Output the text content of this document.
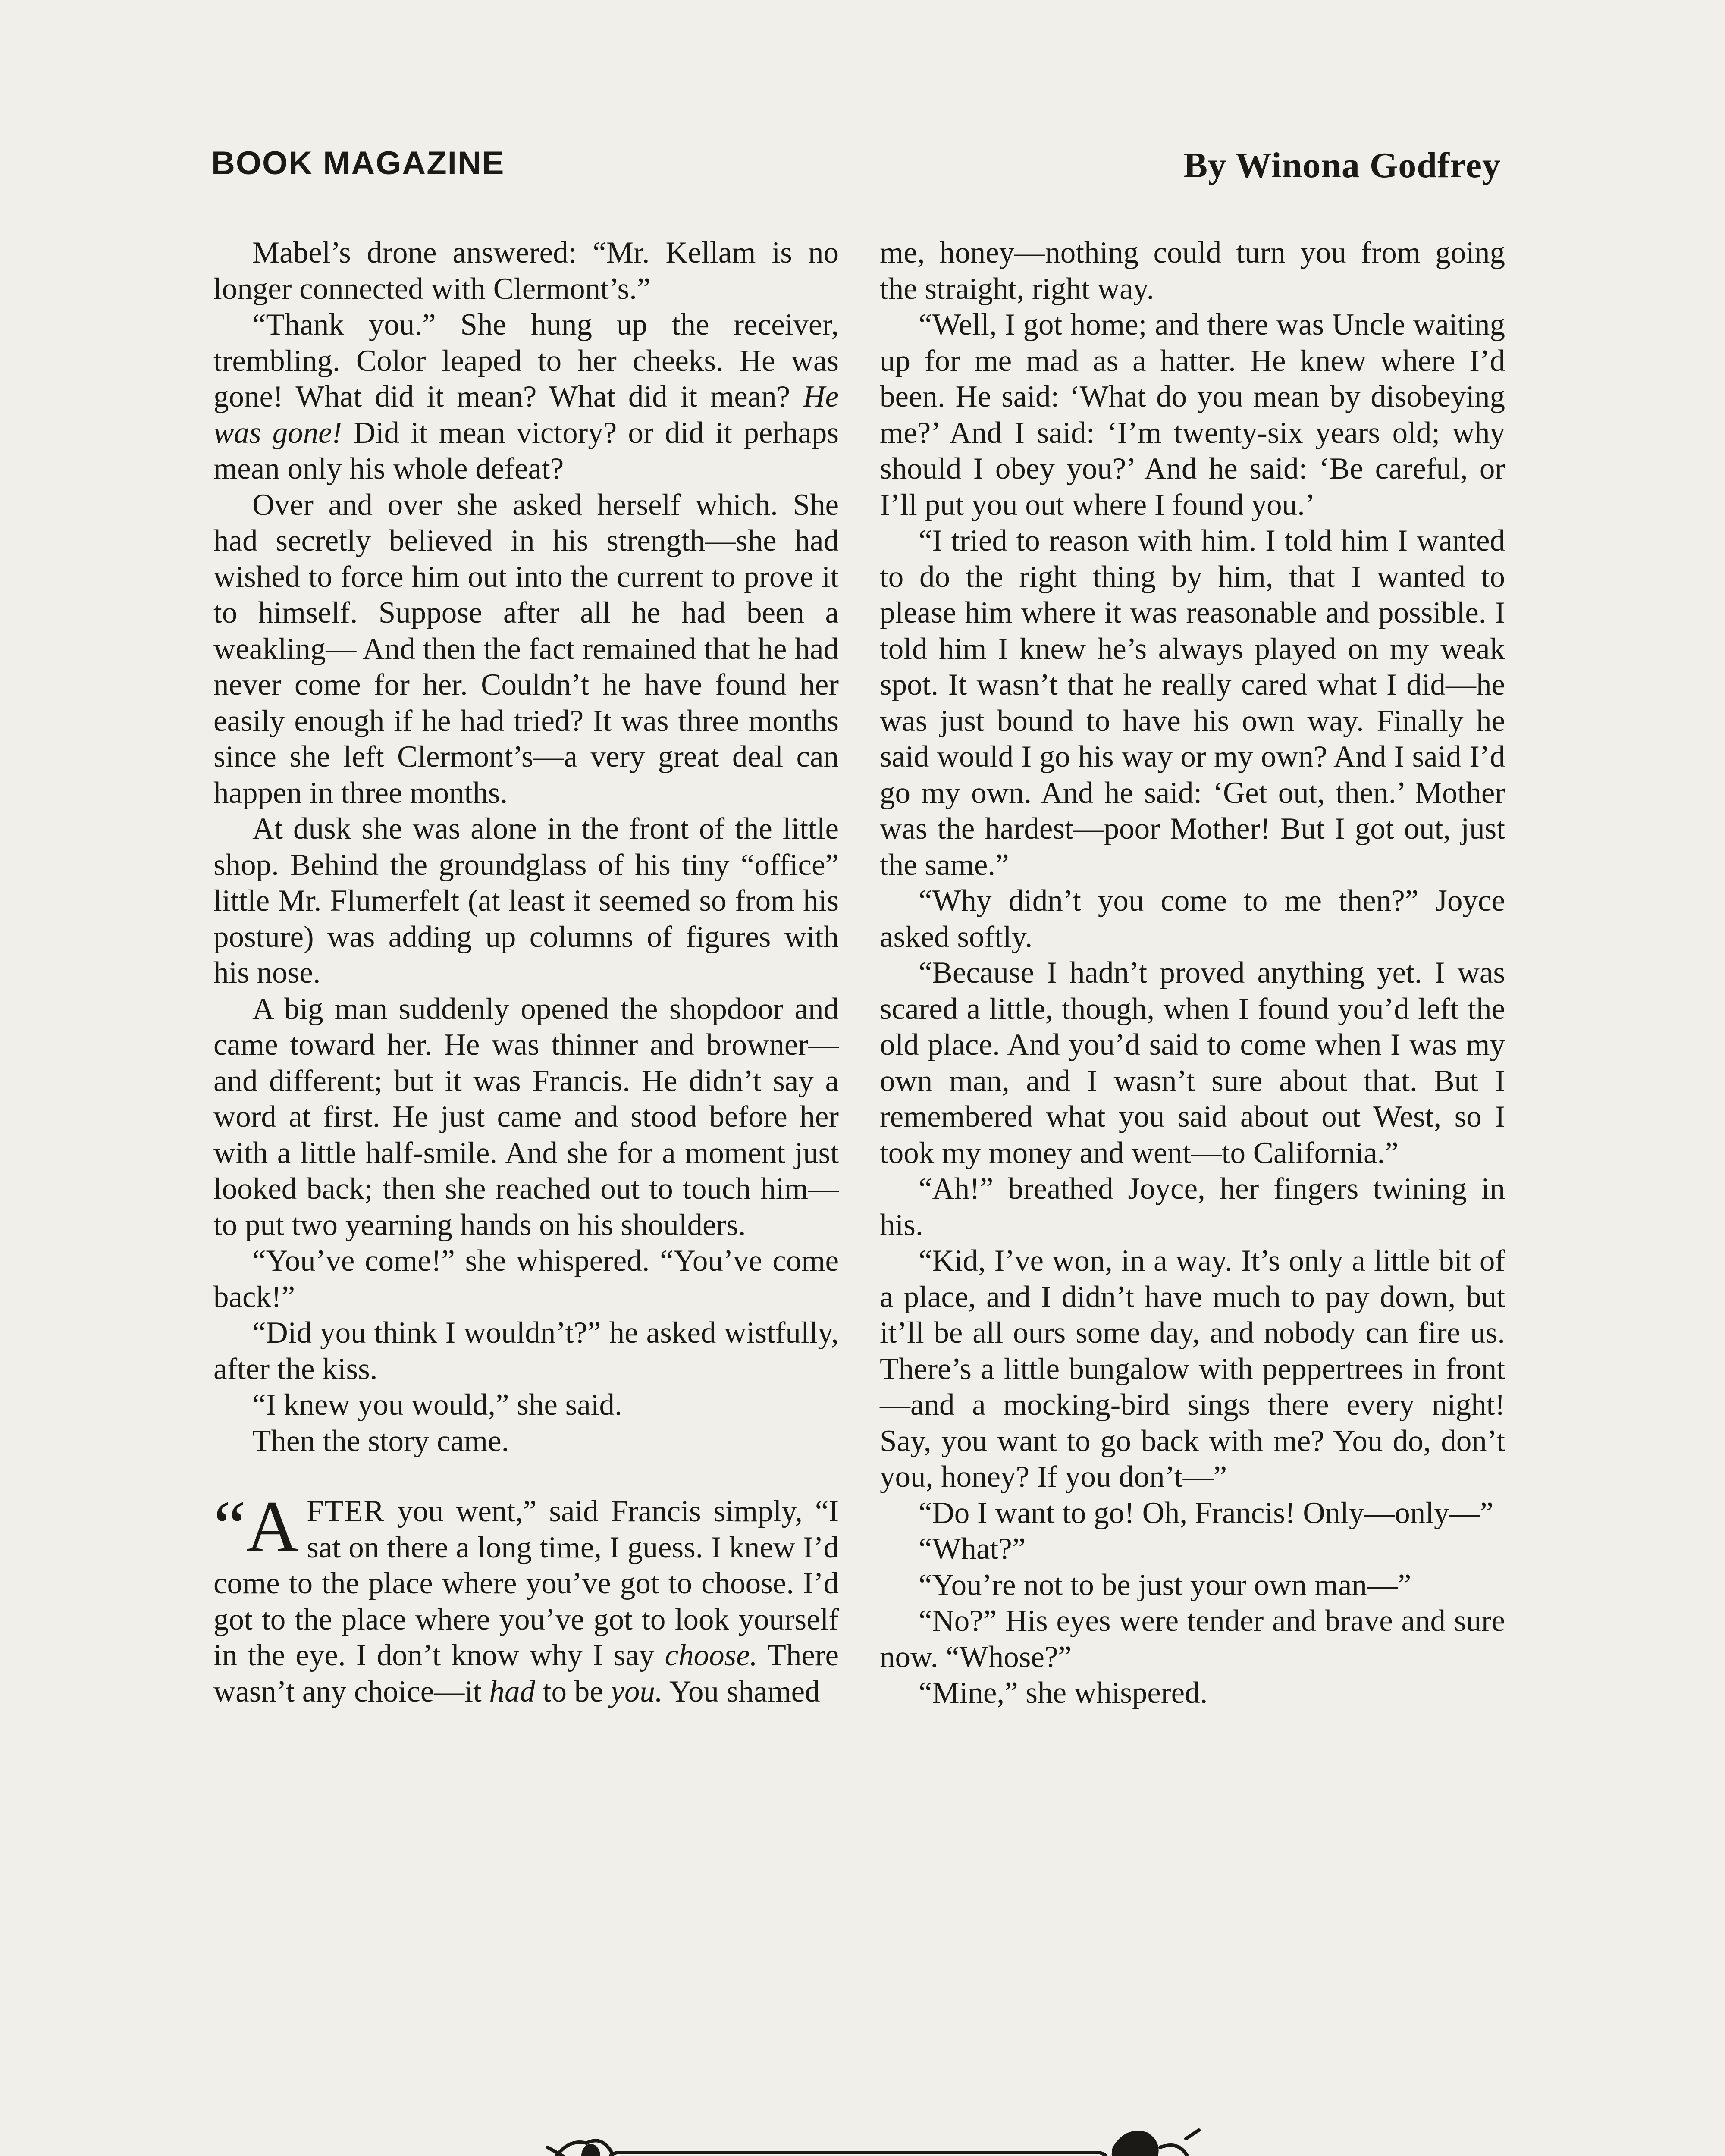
BOOK MAGAZINE	By Winona Godfrey

Mabel’s drone answered: “Mr. Kellam is no longer connected with Clermont’s.”

“Thank you.” She hung up the receiver, trembling. Color leaped to her cheeks. He was gone! What did it mean? What did it mean? He was gone! Did it mean victory? or did it perhaps mean only his whole defeat?

Over and over she asked herself which. She had secretly believed in his strength—she had wished to force him out into the current to prove it to himself. Suppose after all he had been a weakling— And then the fact remained that he had never come for her. Couldn’t he have found her easily enough if he had tried? It was three months since she left Clermont’s—a very great deal can happen in three months.

At dusk she was alone in the front of the little shop. Behind the groundglass of his tiny “office” little Mr. Flumerfelt (at least it seemed so from his posture) was adding up columns of figures with his nose.

A big man suddenly opened the shopdoor and came toward her. He was thinner and browner—and different; but it was Francis. He didn’t say a word at first. He just came and stood before her with a little half-smile. And she for a moment just looked back; then she reached out to touch him—to put two yearning hands on his shoulders.

“You’ve come!” she whispered. “You’ve come back!”

“Did you think I wouldn’t?” he asked wistfully, after the kiss.

“I knew you would,” she said.

Then the story came.

“A FTER you went,” said Francis simply, “I sat on there a long time, I guess. I knew I’d come to the place where you’ve got to choose. I’d got to the place where you’ve got to look yourself in the eye. I don’t know why I say choose. There wasn’t any choice—it had to be you. You shamed

me, honey—nothing could turn you from going the straight, right way.

“Well, I got home; and there was Uncle waiting up for me mad as a hatter. He knew where I’d been. He said: ‘What do you mean by disobeying me?’ And I said: ‘I’m twenty-six years old; why should I obey you?’ And he said: ‘Be careful, or I’ll put you out where I found you.’

“I tried to reason with him. I told him I wanted to do the right thing by him, that I wanted to please him where it was reasonable and possible. I told him I knew he’s always played on my weak spot. It wasn’t that he really cared what I did—he was just bound to have his own way. Finally he said would I go his way or my own? And I said I’d go my own. And he said: ‘Get out, then.’ Mother was the hardest—poor Mother! But I got out, just the same.”

“Why didn’t you come to me then?” Joyce asked softly.

“Because I hadn’t proved anything yet. I was scared a little, though, when I found you’d left the old place. And you’d said to come when I was my own man, and I wasn’t sure about that. But I remembered what you said about out West, so I took my money and went—to California.”

“Ah!” breathed Joyce, her fingers twining in his.

“Kid, I’ve won, in a way. It’s only a little bit of a place, and I didn’t have much to pay down, but it’ll be all ours some day, and nobody can fire us. There’s a little bungalow with peppertrees in front—and a mocking-bird sings there every night! Say, you want to go back with me? You do, don’t you, honey? If you don’t—”

“Do I want to go! Oh, Francis! Only—only—”

“What?”

“You’re not to be just your own man—”

“No?” His eyes were tender and brave and sure now. “Whose?”

“Mine,” she whispered.
